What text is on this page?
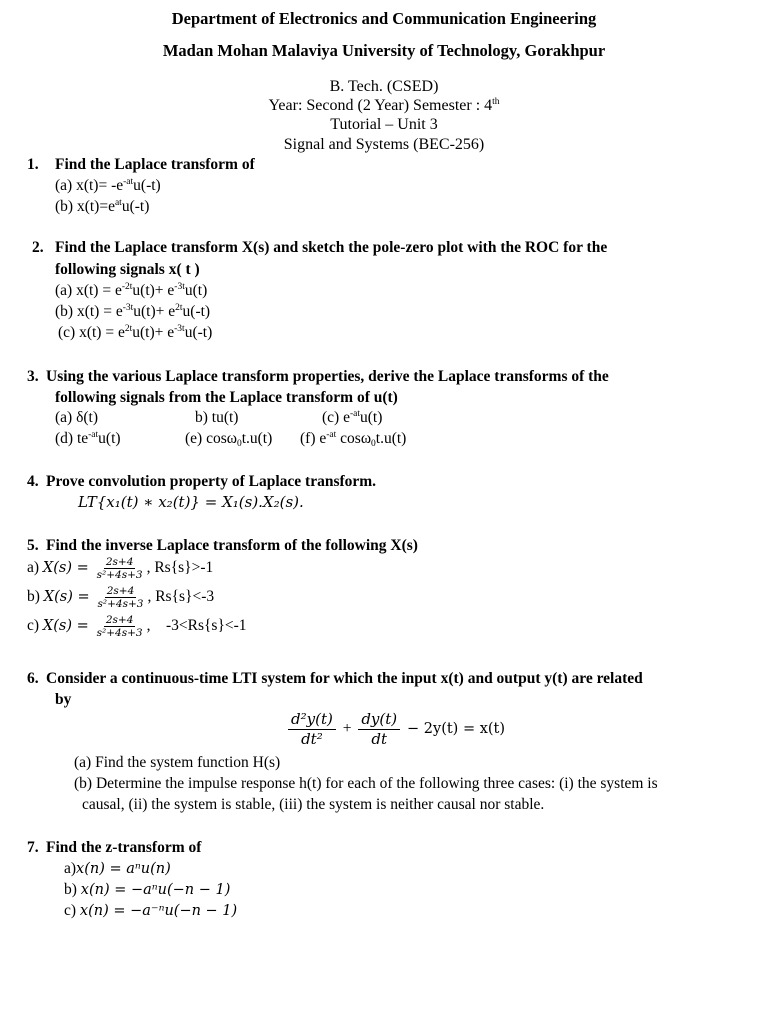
Department of Electronics and Communication Engineering
Madan Mohan Malaviya University of Technology, Gorakhpur
B. Tech. (CSED)
Year: Second (2 Year) Semester : 4th
Tutorial – Unit 3
Signal and Systems (BEC-256)
1. Find the Laplace transform of
(a) $x(t)= -e^{-at}u(-t)$
(b) $x(t)=e^{at}u(-t)$
2. Find the Laplace transform X(s) and sketch the pole-zero plot with the ROC for the
following signals x( t )
(a) $x(t) = e^{-2t}u(t)+ e^{-3t}u(t)$
(b) $x(t) = e^{-3t}u(t)+ e^{2t}u(-t)$
(c) $x(t) = e^{2t}u(t)+ e^{-3t}u(-t)$
3. Using the various Laplace transform properties, derive the Laplace transforms of the
following signals from the Laplace transform of u(t)
(a) δ(t)	b) tu(t)	(c) $e^{-at}u(t)$
(d) $te^{-at}u(t)$	(e) cosω$_0$t.u(t) (f) $e^{-at}$ cosω$_0$t.u(t)
4. Prove convolution property of Laplace transform.
LT{x₁(t) ∗ x₂(t)} = X₁(s).X₂(s).
5. Find the inverse Laplace transform of the following X(s)
a) $X(s) = \frac{2s+4}{\text{s²+4s+3}}$ , Rs{s}>-1
b) $X(s) = \frac{2s+4}{\text{s²+4s+3}}$ , Rs{s}<-3
c) $X(s) = \frac{2s+4}{\text{s²+4s+3}}$ ,    -3<Rs{s}<-1
6. Consider a continuous-time LTI system for which the input x(t) and output y(t) are related
by
$\frac{\text{d²y(t)}}{\text{dt²}} + \frac{dy(t)}{dt} - 2y(t) = x(t)$
(a) Find the system function H(s)
(b) Determine the impulse response h(t) for each of the following three cases: (i) the system is
causal, (ii) the system is stable, (iii) the system is neither causal nor stable.
7. Find the z-transform of
a)x(n) = aⁿu(n)
b) x(n) = −aⁿu(−n − 1)
c) x(n) = −a⁻ⁿu(−n − 1)
